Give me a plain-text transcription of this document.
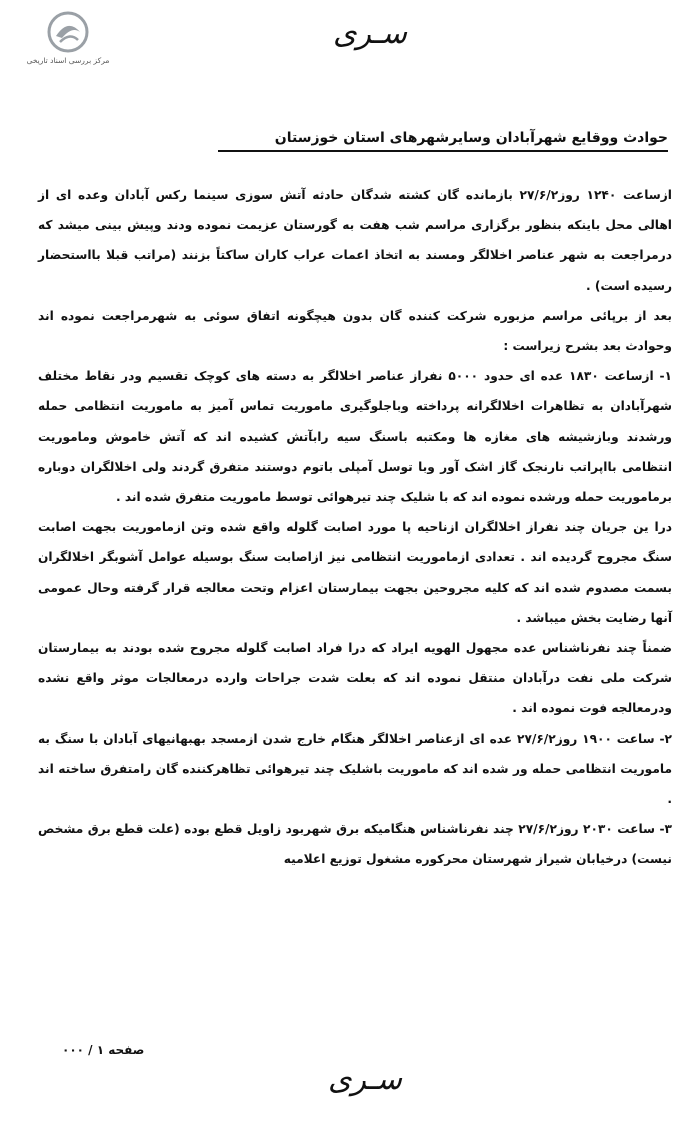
مرکز بررسی اسناد تاریخی
سـری
حوادث ووقایع شهرآبادان وسایرشهرهای استان خوزستان

ازساعت ۱۲۴۰ روز۲۷/۶/۲ بازمانده گان کشته شدگان حادثه آتش سوزی سینما رکس آبادان وعده ای از اهالی محل باینکه بنظور برگزاری مراسم شب هفت به گورستان عزیمت نموده ودند وپیش بینی میشد که درمراجعت به شهر عناصر اخلالگر ومسند به اتخاذ اعمات عراب کاران ساکتاً بزنند (مراتب قبلا بااستحضار رسیده است) .

بعد از برپائی مراسم مزبوره شرکت کننده گان بدون هیچگونه اتفاق سوئی به شهرمراجعت نموده اند وحوادث بعد بشرح زیراست :

۱- ازساعت ۱۸۳۰ عده ای حدود ۵۰۰۰ نفراز عناصر اخلالگر به دسته های کوچک تقسیم ودر نقاط مختلف شهرآبادان به تظاهرات اخلالگرانه پرداخته وباجلوگیری ماموریت تماس آمیز به ماموریت انتظامی حمله ورشدند وبازشیشه های مغازه ها ومکتبه باسنگ سیه رابآتش کشیده اند که آتش خاموش وماموریت انتظامی بااپراتب نارنجک گاز اشک آور وبا توسل آمپلی باتوم دوستند متفرق گردند ولی اخلالگران دوباره برماموریت حمله ورشده نموده اند که با شلیک چند تیرهوائی توسط ماموریت متفرق شده اند .

درا ین جریان چند نفراز اخلالگران ازناحیه پا مورد اصابت گلوله واقع شده وتن ازماموریت بجهت اصابت سنگ مجروح گردیده اند . تعدادی ازماموریت انتظامی نیز ازاصابت سنگ بوسیله عوامل آشوبگر اخلالگران بسمت مصدوم شده اند که کلیه مجروحین بجهت بیمارستان اعزام وتحت معالجه قرار گرفته وحال عمومی آنها رضایت بخش میباشد .

ضمناً چند نفرناشناس عده مجهول الهویه ایراد که درا فراد اصابت گلوله مجروح شده بودند به بیمارستان شرکت ملی نفت درآبادان منتقل نموده اند که بعلت شدت جراحات وارده درمعالجات موثر واقع نشده ودرمعالجه فوت نموده اند .

۲- ساعت ۱۹۰۰ روز۲۷/۶/۲ عده ای ازعناصر اخلالگر هنگام خارج شدن ازمسجد بهبهانیهای آبادان با سنگ به ماموریت انتظامی حمله ور شده اند که ماموریت باشلیک چند تیرهوائی تظاهرکننده گان رامتفرق ساخته اند .

۳- ساعت ۲۰۳۰ روز۲۷/۶/۲ چند نفرناشناس هنگامیکه برق شهربود زاویل قطع بوده (علت قطع برق مشخص نیست) درخیابان شیراز شهرستان محرکوره مشغول توزیع اعلامیه

صفحه ۱ / ۰۰۰
سـری
